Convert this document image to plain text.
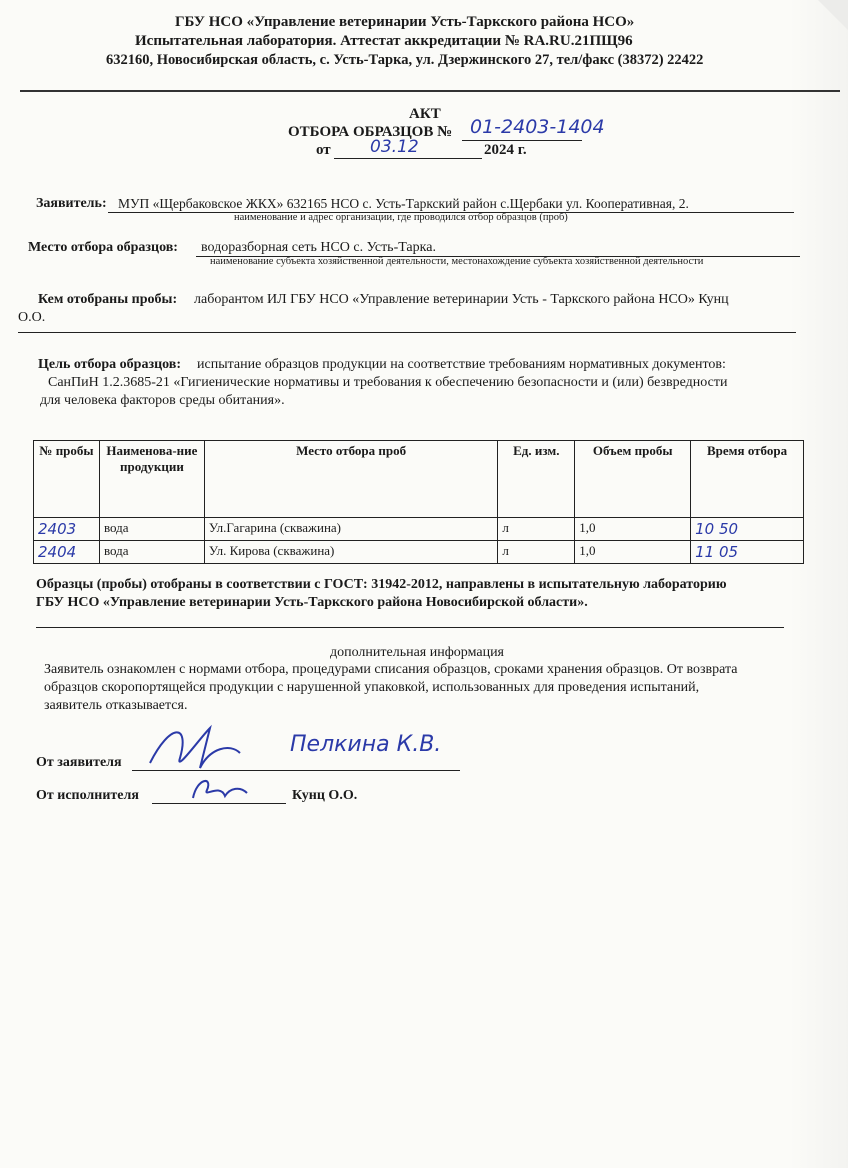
ГБУ НСО «Управление ветеринарии Усть-Таркского района НСО»
Испытательная лаборатория. Аттестат аккредитации № RA.RU.21ПЩ96
632160, Новосибирская область, с. Усть-Тарка, ул. Дзержинского 27, тел/факс (38372) 22422
АКТ
ОТБОРА ОБРАЗЦОВ № 01-2403-1404
от 03.12	2024 г.
Заявитель: МУП «Щербаковское ЖКХ» 632165 НСО с. Усть-Таркский район с.Щербаки ул. Кооперативная, 2.
наименование и адрес организации, где проводился отбор образцов (проб)
Место отбора образцов: водоразборная сеть НСО с. Усть-Тарка.
наименование субъекта хозяйственной деятельности, местонахождение субъекта хозяйственной деятельности
Кем отобраны пробы: лаборантом ИЛ ГБУ НСО «Управление ветеринарии Усть - Таркского района НСО» Кунц
О.О.
Цель отбора образцов: испытание образцов продукции на соответствие требованиям нормативных документов:
СанПиН 1.2.3685-21 «Гигиенические нормативы и требования к обеспечению безопасности и (или) безвредности
для человека факторов среды обитания».
№ пробы	Наименова-ние продукции	Место отбора проб	Ед. изм.	Объем пробы	Время отбора
2403	вода	Ул.Гагарина (скважина)	л	1,0	10 50
2404	вода	Ул. Кирова (скважина)	л	1,0	11 05
Образцы (пробы) отобраны в соответствии с ГОСТ: 31942-2012, направлены в испытательную лабораторию
ГБУ НСО «Управление ветеринарии Усть-Таркского района Новосибирской области».
дополнительная информация
Заявитель ознакомлен с нормами отбора, процедурами списания образцов, сроками хранения образцов. От возврата
образцов скоропортящейся продукции с нарушенной упаковкой, использованных для проведения испытаний,
заявитель отказывается.
От заявителя
Пелкина К.В.
От исполнителя	Кунц О.О.
